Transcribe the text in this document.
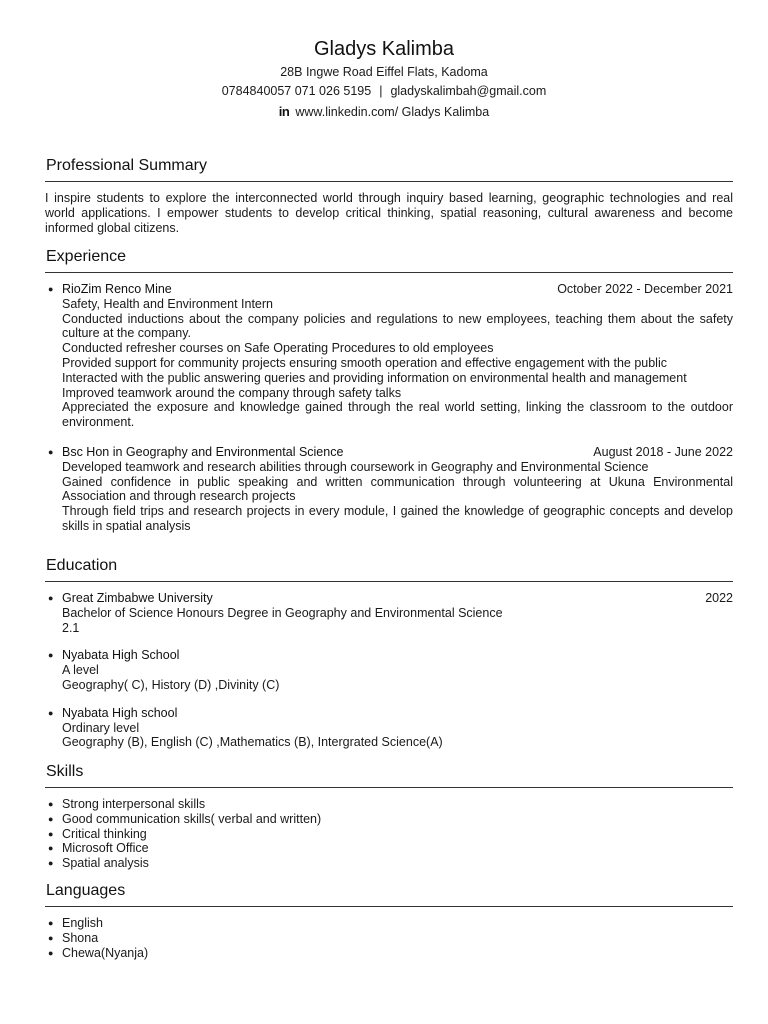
Gladys Kalimba
28B Ingwe Road Eiffel Flats, Kadoma
0784840057 071 026 5195 | gladyskalimbah@gmail.com
in www.linkedin.com/ Gladys Kalimba
Professional Summary
I inspire students to explore the interconnected world through inquiry based learning, geographic technologies and real world applications. I empower students to develop critical thinking, spatial reasoning, cultural awareness and become informed global citizens.
Experience
● RioZim Renco Mine	October 2022 - December 2021
Safety, Health and Environment Intern
Conducted inductions about the company policies and regulations to new employees, teaching them about the safety culture at the company.
Conducted refresher courses on Safe Operating Procedures to old employees
Provided support for community projects ensuring smooth operation and effective engagement with the public
Interacted with the public answering queries and providing information on environmental health and management
Improved teamwork around the company through safety talks
Appreciated the exposure and knowledge gained through the real world setting, linking the classroom to the outdoor environment.
● Bsc Hon in Geography and Environmental Science	August 2018 - June 2022
Developed teamwork and research abilities through coursework in Geography and Environmental Science
Gained confidence in public speaking and written communication through volunteering at Ukuna Environmental Association and through research projects
Through field trips and research projects in every module, I gained the knowledge of geographic concepts and develop skills in spatial analysis
Education
● Great Zimbabwe University	2022
Bachelor of Science Honours Degree in Geography and Environmental Science
2.1
● Nyabata High School
A level
Geography( C), History (D) ,Divinity (C)
● Nyabata High school
Ordinary level
Geography (B), English (C) ,Mathematics (B), Intergrated Science(A)
Skills
● Strong interpersonal skills
● Good communication skills( verbal and written)
● Critical thinking
● Microsoft Office
● Spatial analysis
Languages
● English
● Shona
● Chewa(Nyanja)
